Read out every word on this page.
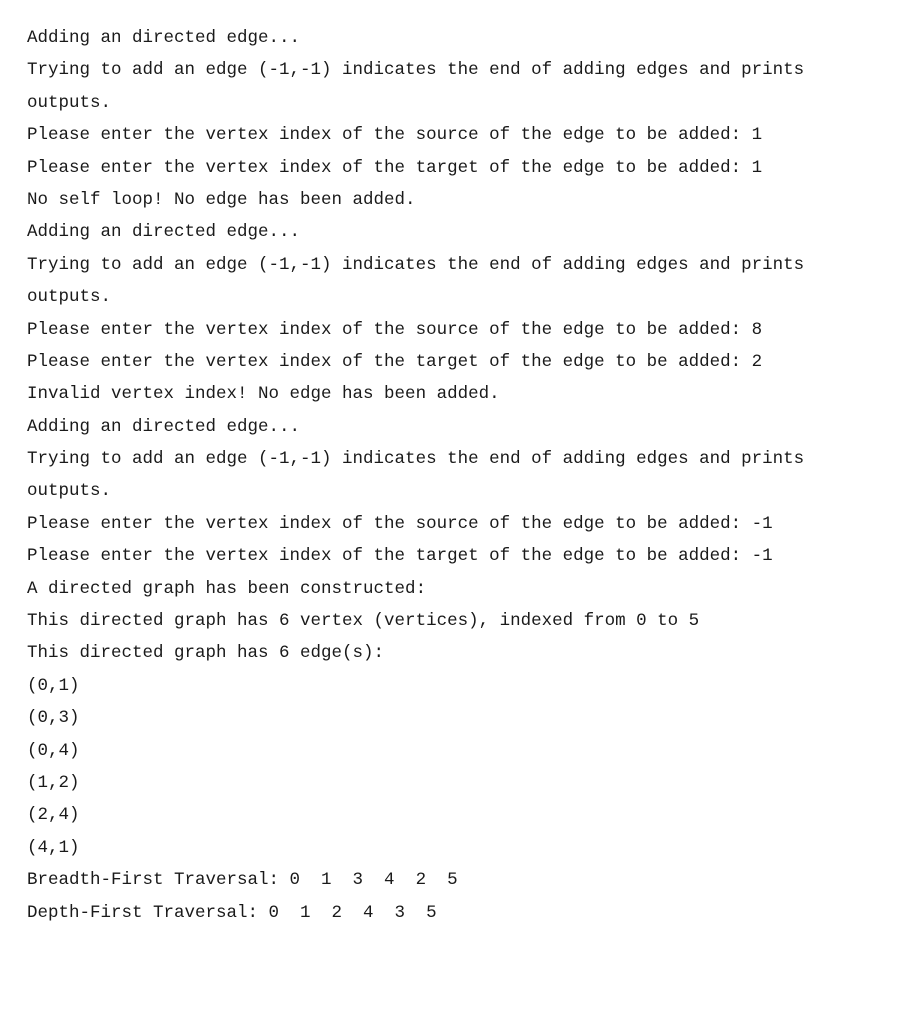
Adding an directed edge...
Trying to add an edge (-1,-1) indicates the end of adding edges and prints
outputs.
Please enter the vertex index of the source of the edge to be added: 1
Please enter the vertex index of the target of the edge to be added: 1
No self loop! No edge has been added.
Adding an directed edge...
Trying to add an edge (-1,-1) indicates the end of adding edges and prints
outputs.
Please enter the vertex index of the source of the edge to be added: 8
Please enter the vertex index of the target of the edge to be added: 2
Invalid vertex index! No edge has been added.
Adding an directed edge...
Trying to add an edge (-1,-1) indicates the end of adding edges and prints
outputs.
Please enter the vertex index of the source of the edge to be added: -1
Please enter the vertex index of the target of the edge to be added: -1
A directed graph has been constructed:
This directed graph has 6 vertex (vertices), indexed from 0 to 5
This directed graph has 6 edge(s):
(0,1)
(0,3)
(0,4)
(1,2)
(2,4)
(4,1)
Breadth-First Traversal: 0  1  3  4  2  5
Depth-First Traversal: 0  1  2  4  3  5
